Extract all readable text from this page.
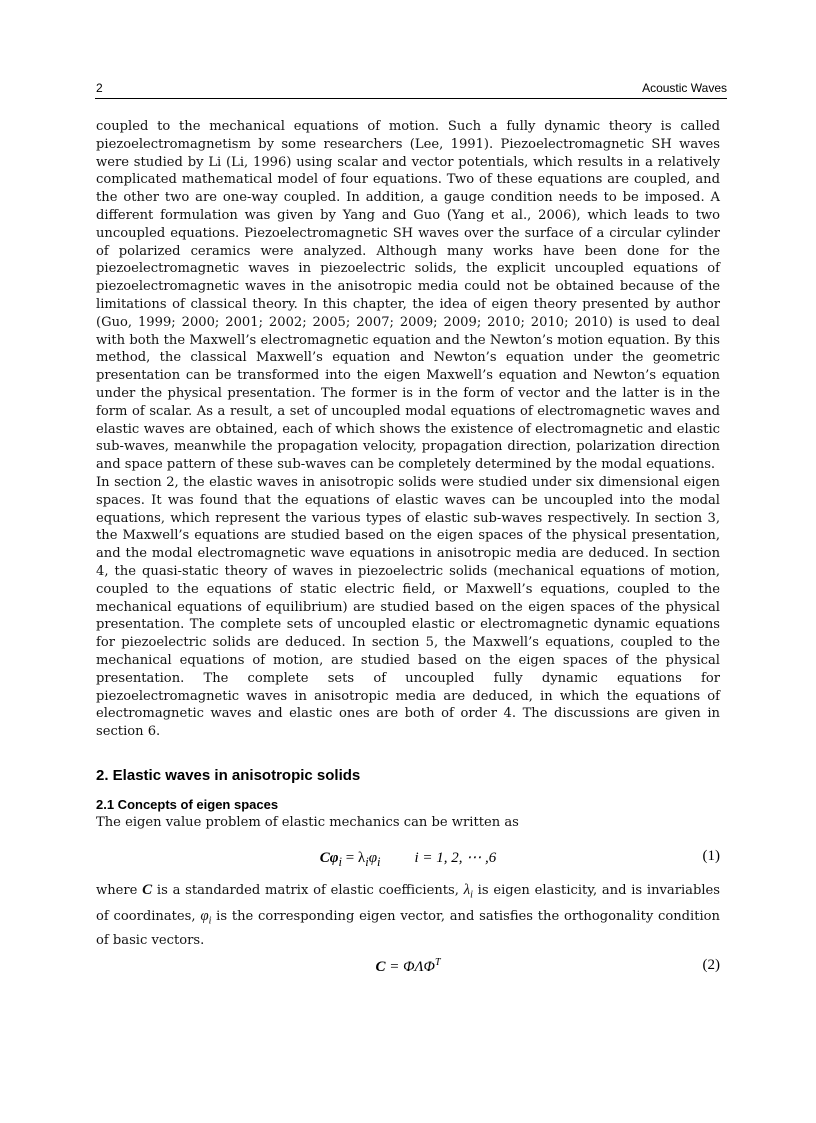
2	Acoustic Waves

coupled to the mechanical equations of motion. Such a fully dynamic theory is called piezoelectromagnetism by some researchers (Lee, 1991). Piezoelectromagnetic SH waves were studied by Li (Li, 1996) using scalar and vector potentials, which results in a relatively complicated mathematical model of four equations. Two of these equations are coupled, and the other two are one-way coupled. In addition, a gauge condition needs to be imposed. A different formulation was given by Yang and Guo (Yang et al., 2006), which leads to two uncoupled equations. Piezoelectromagnetic SH waves over the surface of a circular cylinder of polarized ceramics were analyzed. Although many works have been done for the piezoelectromagnetic waves in piezoelectric solids, the explicit uncoupled equations of piezoelectromagnetic waves in the anisotropic media could not be obtained because of the limitations of classical theory. In this chapter, the idea of eigen theory presented by author (Guo, 1999; 2000; 2001; 2002; 2005; 2007; 2009; 2009; 2010; 2010; 2010) is used to deal with both the Maxwell’s electromagnetic equation and the Newton’s motion equation. By this method, the classical Maxwell’s equation and Newton’s equation under the geometric presentation can be transformed into the eigen Maxwell’s equation and Newton’s equation under the physical presentation. The former is in the form of vector and the latter is in the form of scalar. As a result, a set of uncoupled modal equations of electromagnetic waves and elastic waves are obtained, each of which shows the existence of electromagnetic and elastic sub-waves, meanwhile the propagation velocity, propagation direction, polarization direction and space pattern of these sub-waves can be completely determined by the modal equations.

In section 2, the elastic waves in anisotropic solids were studied under six dimensional eigen spaces. It was found that the equations of elastic waves can be uncoupled into the modal equations, which represent the various types of elastic sub-waves respectively. In section 3, the Maxwell’s equations are studied based on the eigen spaces of the physical presentation, and the modal electromagnetic wave equations in anisotropic media are deduced. In section 4, the quasi-static theory of waves in piezoelectric solids (mechanical equations of motion, coupled to the equations of static electric field, or Maxwell’s equations, coupled to the mechanical equations of equilibrium) are studied based on the eigen spaces of the physical presentation. The complete sets of uncoupled elastic or electromagnetic dynamic equations for piezoelectric solids are deduced. In section 5, the Maxwell’s equations, coupled to the mechanical equations of motion, are studied based on the eigen spaces of the physical presentation. The complete sets of uncoupled fully dynamic equations for piezoelectromagnetic waves in anisotropic media are deduced, in which the equations of electromagnetic waves and elastic ones are both of order 4. The discussions are given in section 6.

2. Elastic waves in anisotropic solids
2.1 Concepts of eigen spaces
The eigen value problem of elastic mechanics can be written as
$C\varphi_i = \lambda_i\varphi_i$ i = 1, 2, ⋯ ,6	(1)
where C is a standarded matrix of elastic coefficients, $\lambda_i$ is eigen elasticity, and is invariables of coordinates, $\varphi_i$ is the corresponding eigen vector, and satisfies the orthogonality condition of basic vectors.
$C = \Phi\Lambda\Phi^T$	(2)
